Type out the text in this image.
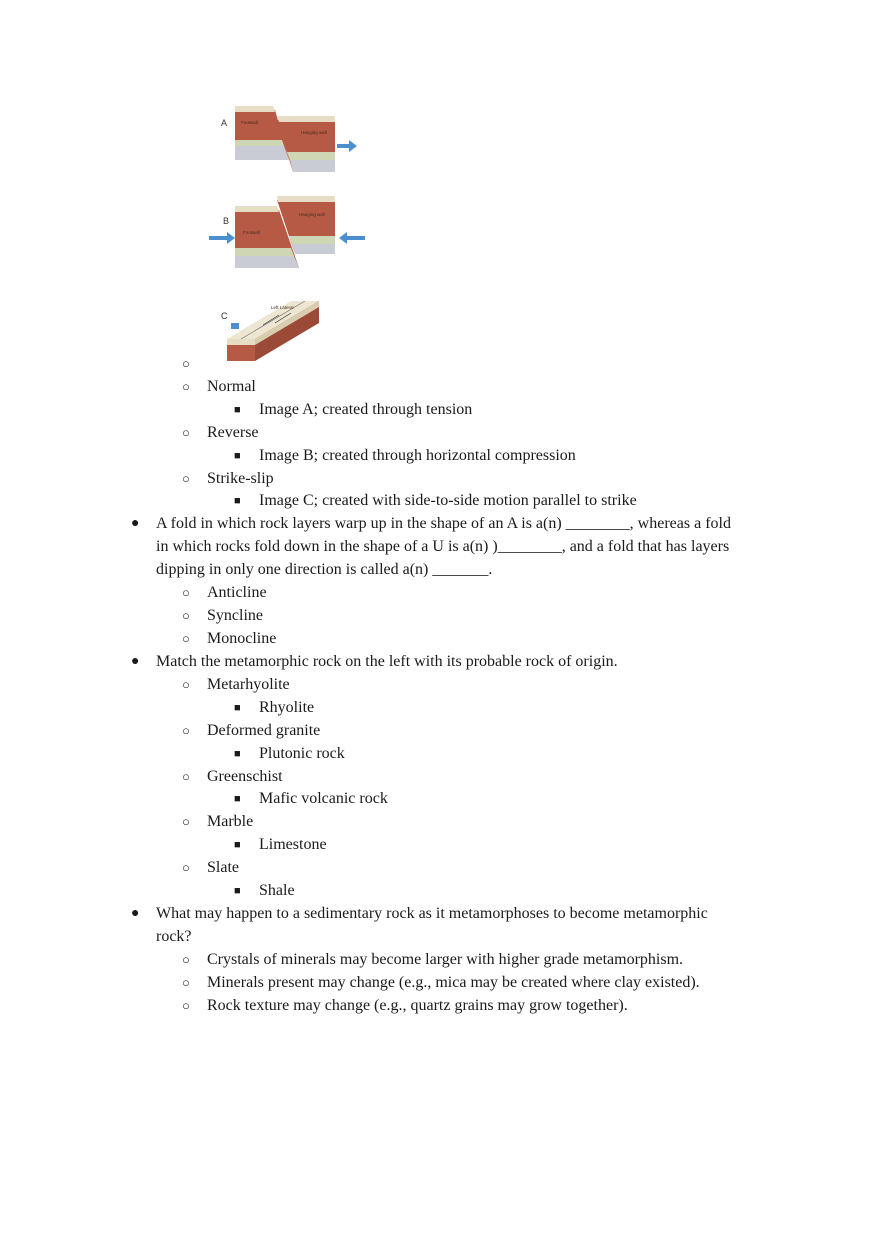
A	Footwall
Hanging wall
B
Footwall
Hanging wall
C
Left Lateral
○
○ Normal
■ Image A; created through tension
○ Reverse
■ Image B; created through horizontal compression
○ Strike-slip
■ Image C; created with side-to-side motion parallel to strike
● A fold in which rock layers warp up in the shape of an A is a(n) ________, whereas a fold
in which rocks fold down in the shape of a U is a(n) )________, and a fold that has layers
dipping in only one direction is called a(n) _______.
○ Anticline
○ Syncline
○ Monocline
● Match the metamorphic rock on the left with its probable rock of origin.
○ Metarhyolite
■ Rhyolite
○ Deformed granite
■ Plutonic rock
○ Greenschist
■ Mafic volcanic rock
○ Marble
■ Limestone
○ Slate
■ Shale
● What may happen to a sedimentary rock as it metamorphoses to become metamorphic
rock?
○ Crystals of minerals may become larger with higher grade metamorphism.
○ Minerals present may change (e.g., mica may be created where clay existed).
○ Rock texture may change (e.g., quartz grains may grow together).
